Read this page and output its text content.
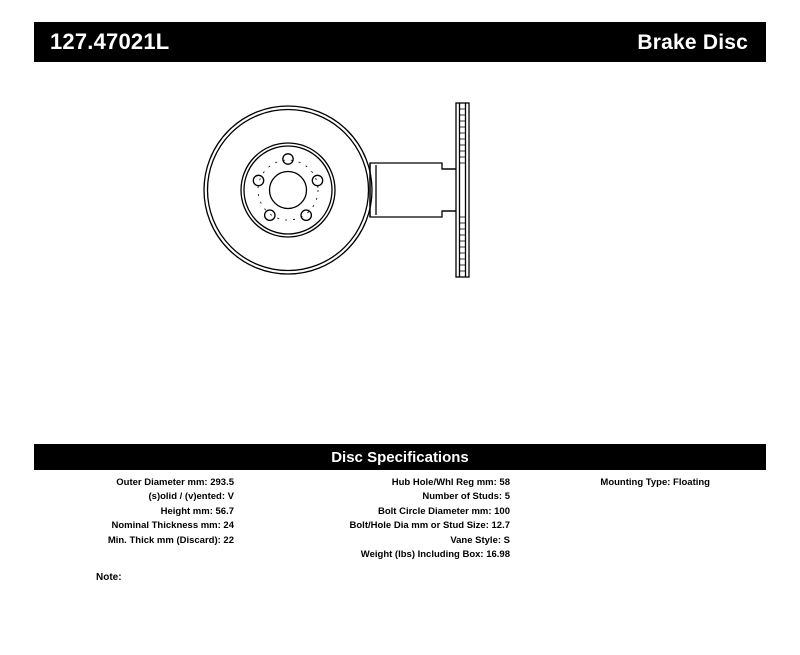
127.47021L	Brake Disc
Disc Specifications
Outer Diameter mm: 293.5
(s)olid / (v)ented: V
Height mm: 56.7
Nominal Thickness mm: 24
Min. Thick mm (Discard): 22
Hub Hole/Whl Reg mm: 58
Number of Studs: 5
Bolt Circle Diameter mm: 100
Bolt/Hole Dia mm or Stud Size: 12.7
Vane Style: S
Weight (lbs) Including Box: 16.98
Mounting Type: Floating
Note:
